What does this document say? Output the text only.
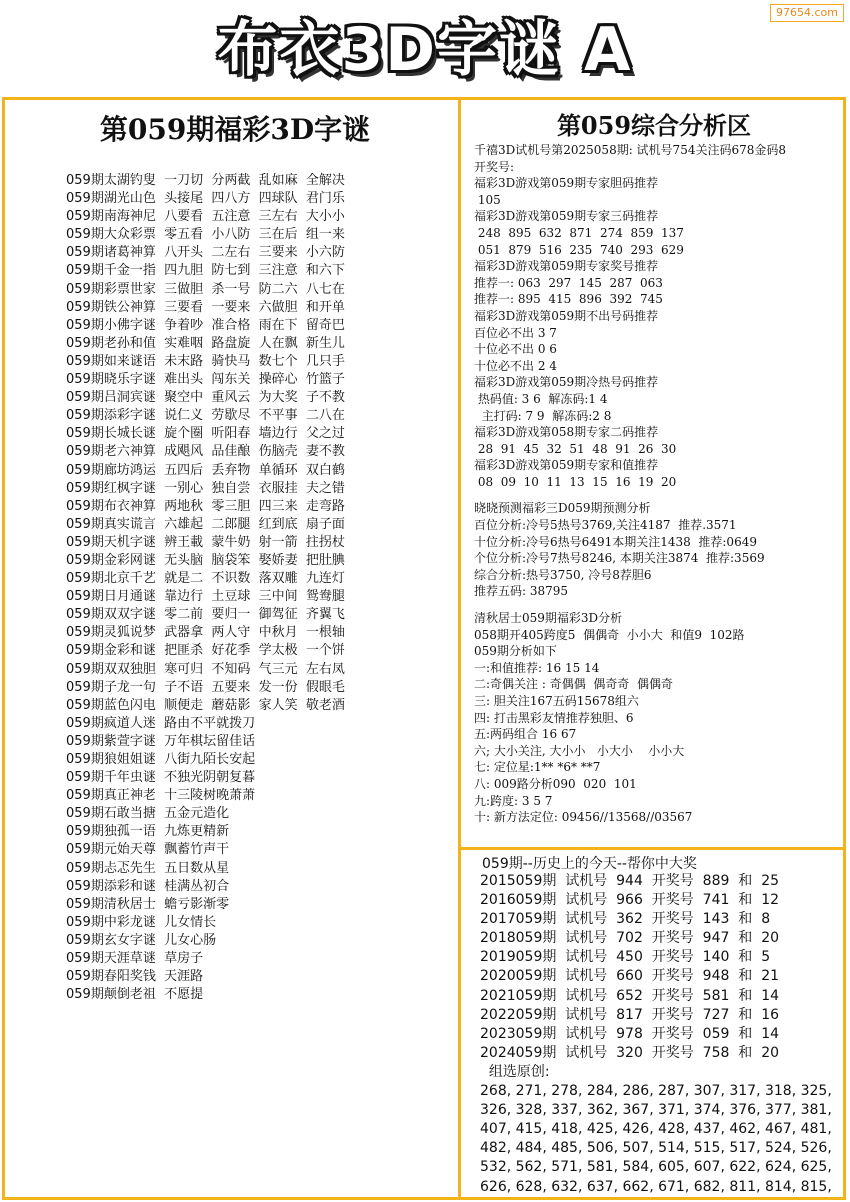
97654.com
布衣3D字谜 A
第059期福彩3D字谜
059期太湖钓叟  一刀切  分两截  乱如麻  全解决
059期湖光山色  头接尾  四八方  四球队  君门乐
059期南海神尼  八要看  五注意  三左右  大小小
059期大众彩票  零五看  小八防  三在后  组一来
059期诸葛神算  八开头  二左右  三要来  小六防
059期千金一指  四九胆  防七到  三注意  和六下
059期彩票世家  三做胆  杀一号  防二六  八七在
059期铁公神算  三要看  一要来  六做胆  和开单
059期小佛字谜  争着吵  准合格  雨在下  留奇巴
059期老孙和值  实难咽  路盘旋  人在飘  新生儿
059期如来谜语  未末路  骑快马  数七个  几只手
059期晓乐字谜  难出头  闯东关  操碎心  竹篮子
059期吕洞宾谜  聚空中  重风云  为大奖  子不教
059期添彩字谜  说仁义  劳歇尽  不平事  二八在
059期长城长谜  旋个圈  听阳春  墙边行  父之过
059期老六神算  成飓风  品佳酿  伤脑壳  妻不教
059期廊坊鸿运  五四后  丢弃物  单循环  双白鹤
059期红枫字谜  一别心  独自尝  衣服挂  夫之错
059期布衣神算  两地秋  零三胆  四三来  走弯路
059期真实谎言  六雄起  二郎腿  红到底  扇子面
059期天机字谜  辨王載  蒙牛奶  射一箭  拄拐杖
059期金彩网谜  无头脑  脑袋笨  娶娇妻  把肚腆
059期北京千艺  就是二  不识数  落双雕  九连灯
059期日月通谜  靠边行  土豆球  三中间  鸳鸯腿
059期双双字谜  零二前  要归一  御驾征  齐翼飞
059期灵狐说梦  武器拿  两人守  中秋月  一根轴
059期金彩和谜  把匪杀  好花季  学太极  一个饼
059期双双独胆  寒可归  不知码  气三元  左右凤
059期子龙一句  子不语  五要来  发一份  假眼毛
059期蓝色闪电  顺便走  蘑菇影  家人笑  敬老酒
059期疯道人迷  路由不平就拨刀
059期紫萱字谜  万年棋坛留佳话
059期狼姐姐谜  八街九陌长安起
059期千年虫谜  不独光阴朝复暮
059期真正神老  十三陵树晚萧萧
059期石敢当搪  五金元造化
059期独孤一语  九炼更精新
059期元始天尊  飘蓄竹声干
059期忐忑先生  五日数从星
059期添彩和谜  桂满丛初合
059期清秋居士  蟾亏影渐零
059期中彩龙谜  儿女情长
059期玄女字谜  儿女心肠
059期天涯草谜  草房子
059期春阳奖钱  天涯路
059期颠倒老祖  不愿提
第059综合分析区
千禧3D试机号第2025058期: 试机号754关注码678金码8
开奖号:
福彩3D游戏第059期专家胆码推荐
105
福彩3D游戏第059期专家三码推荐
248  895  632  871  274  859  137
051  879  516  235  740  293  629
福彩3D游戏第059期专家奖号推荐
推荐一: 063  297  145  287  063
推荐一: 895  415  896  392  745
福彩3D游戏第059期不出号码推荐
百位必不出 3 7
十位必不出 0 6
十位必不出 2 4
福彩3D游戏第059期冷热号码推荐
热码值: 3 6  解冻码:1 4
主打码: 7 9  解冻码:2 8
福彩3D游戏第058期专家二码推荐
28  91  45  32  51  48  91  26  30
福彩3D游戏第059期专家和值推荐
08  09  10  11  13  15  16  19  20
晓晓预测福彩三D059期预测分析
百位分析:冷号5热号3769,关注4187  推荐.3571
十位分析:冷号6热号6491本期关注1438  推荐:0649
个位分析:冷号7热号8246, 本期关注3874  推荐:3569
综合分析:热号3750, 冷号8荐胆6
推荐五码: 38795
清秋居士059期福彩3D分析
058期开405跨度5  偶偶奇  小小大  和值9  102路
059期分析如下
一:和值推荐: 16 15 14
二:奇偶关注 : 奇偶偶  偶奇奇  偶偶奇
三: 胆关注167五码15678组六
四: 打击黑彩友情推荐独胆、6
五:两码组合 16 67
六; 大小关注, 大小小   小大小    小小大
七: 定位星:1** *6* **7
八: 009路分析090  020  101
九:跨度: 3 5 7
十: 新方法定位: 09456//13568//03567
059期--历史上的今天--帮你中大奖
2015059期  试机号  944  开奖号  889  和  25
2016059期  试机号  966  开奖号  741  和  12
2017059期  试机号  362  开奖号  143  和  8
2018059期  试机号  702  开奖号  947  和  20
2019059期  试机号  450  开奖号  140  和  5
2020059期  试机号  660  开奖号  948  和  21
2021059期  试机号  652  开奖号  581  和  14
2022059期  试机号  817  开奖号  727  和  16
2023059期  试机号  978  开奖号  059  和  14
2024059期  试机号  320  开奖号  758  和  20
组选原创:
268, 271, 278, 284, 286, 287, 307, 317, 318, 325,
326, 328, 337, 362, 367, 371, 374, 376, 377, 381,
407, 415, 418, 425, 426, 428, 437, 462, 467, 481,
482, 484, 485, 506, 507, 514, 515, 517, 524, 526,
532, 562, 571, 581, 584, 605, 607, 622, 624, 625,
626, 628, 632, 637, 662, 671, 682, 811, 814, 815,
